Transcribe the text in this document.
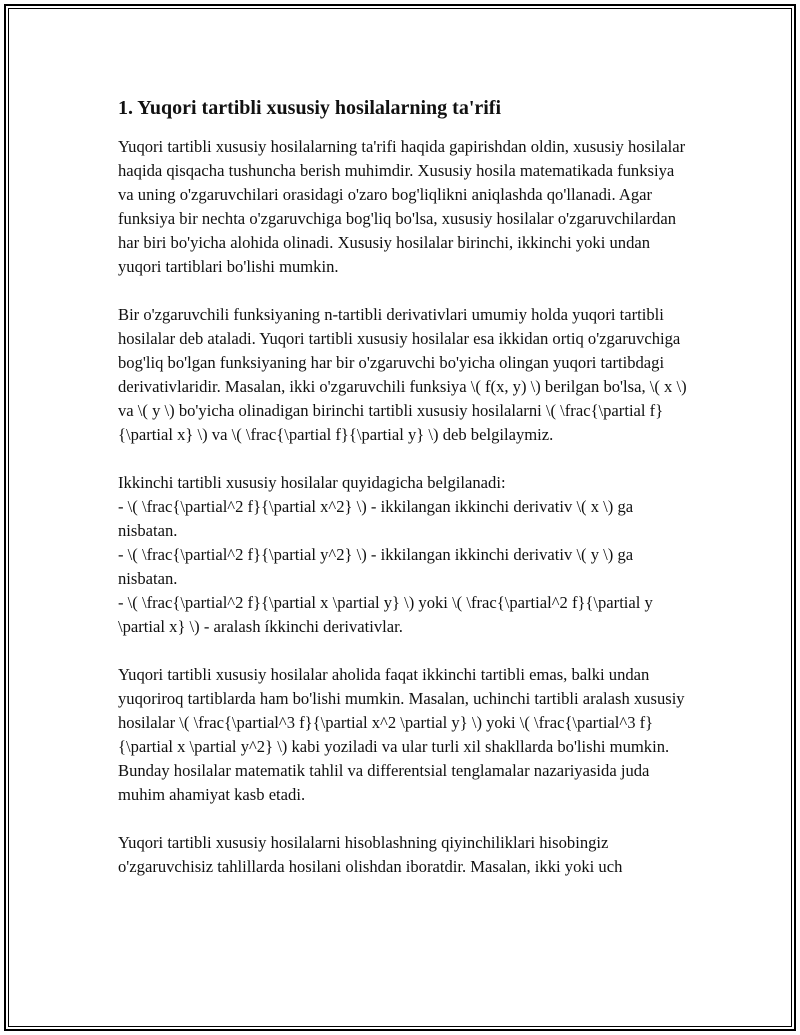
1. Yuqori tartibli xususiy hosilalarning ta'rifi

Yuqori tartibli xususiy hosilalarning ta'rifi haqida gapirishdan oldin, xususiy hosilalar haqida qisqacha tushuncha berish muhimdir. Xususiy hosila matematikada funksiya va uning o'zgaruvchilari orasidagi o'zaro bog'liqlikni aniqlashda qo'llanadi. Agar funksiya bir nechta o'zgaruvchiga bog'liq bo'lsa, xususiy hosilalar o'zgaruvchilardan har biri bo'yicha alohida olinadi. Xususiy hosilalar birinchi, ikkinchi yoki undan yuqori tartiblari bo'lishi mumkin.

Bir o'zgaruvchili funksiyaning n-tartibli derivativlari umumiy holda yuqori tartibli hosilalar deb ataladi. Yuqori tartibli xususiy hosilalar esa ikkidan ortiq o'zgaruvchiga bog'liq bo'lgan funksiyaning har bir o'zgaruvchi bo'yicha olingan yuqori tartibdagi derivativlaridir. Masalan, ikki o'zgaruvchili funksiya \( f(x, y) \) berilgan bo'lsa, \( x \) va \( y \) bo'yicha olinadigan birinchi tartibli xususiy hosilalarni \( \frac{\partial f}{\partial x} \) va \( \frac{\partial f}{\partial y} \) deb belgilaymiz.

Ikkinchi tartibli xususiy hosilalar quyidagicha belgilanadi:
- \( \frac{\partial^2 f}{\partial x^2} \) - ikkilangan ikkinchi derivativ \( x \) ga nisbatan.
- \( \frac{\partial^2 f}{\partial y^2} \) - ikkilangan ikkinchi derivativ \( y \) ga nisbatan.
- \( \frac{\partial^2 f}{\partial x \partial y} \) yoki \( \frac{\partial^2 f}{\partial y \partial x} \) - aralash íkkinchi derivativlar.

Yuqori tartibli xususiy hosilalar aholida faqat ikkinchi tartibli emas, balki undan yuqoriroq tartiblarda ham bo'lishi mumkin. Masalan, uchinchi tartibli aralash xususiy hosilalar \( \frac{\partial^3 f}{\partial x^2 \partial y} \) yoki \( \frac{\partial^3 f}{\partial x \partial y^2} \) kabi yoziladi va ular turli xil shakllarda bo'lishi mumkin. Bunday hosilalar matematik tahlil va differentsial tenglamalar nazariyasida juda muhim ahamiyat kasb etadi.

Yuqori tartibli xususiy hosilalarni hisoblashning qiyinchiliklari hisobingiz o'zgaruvchisiz tahlillarda hosilani olishdan iboratdir. Masalan, ikki yoki uch
